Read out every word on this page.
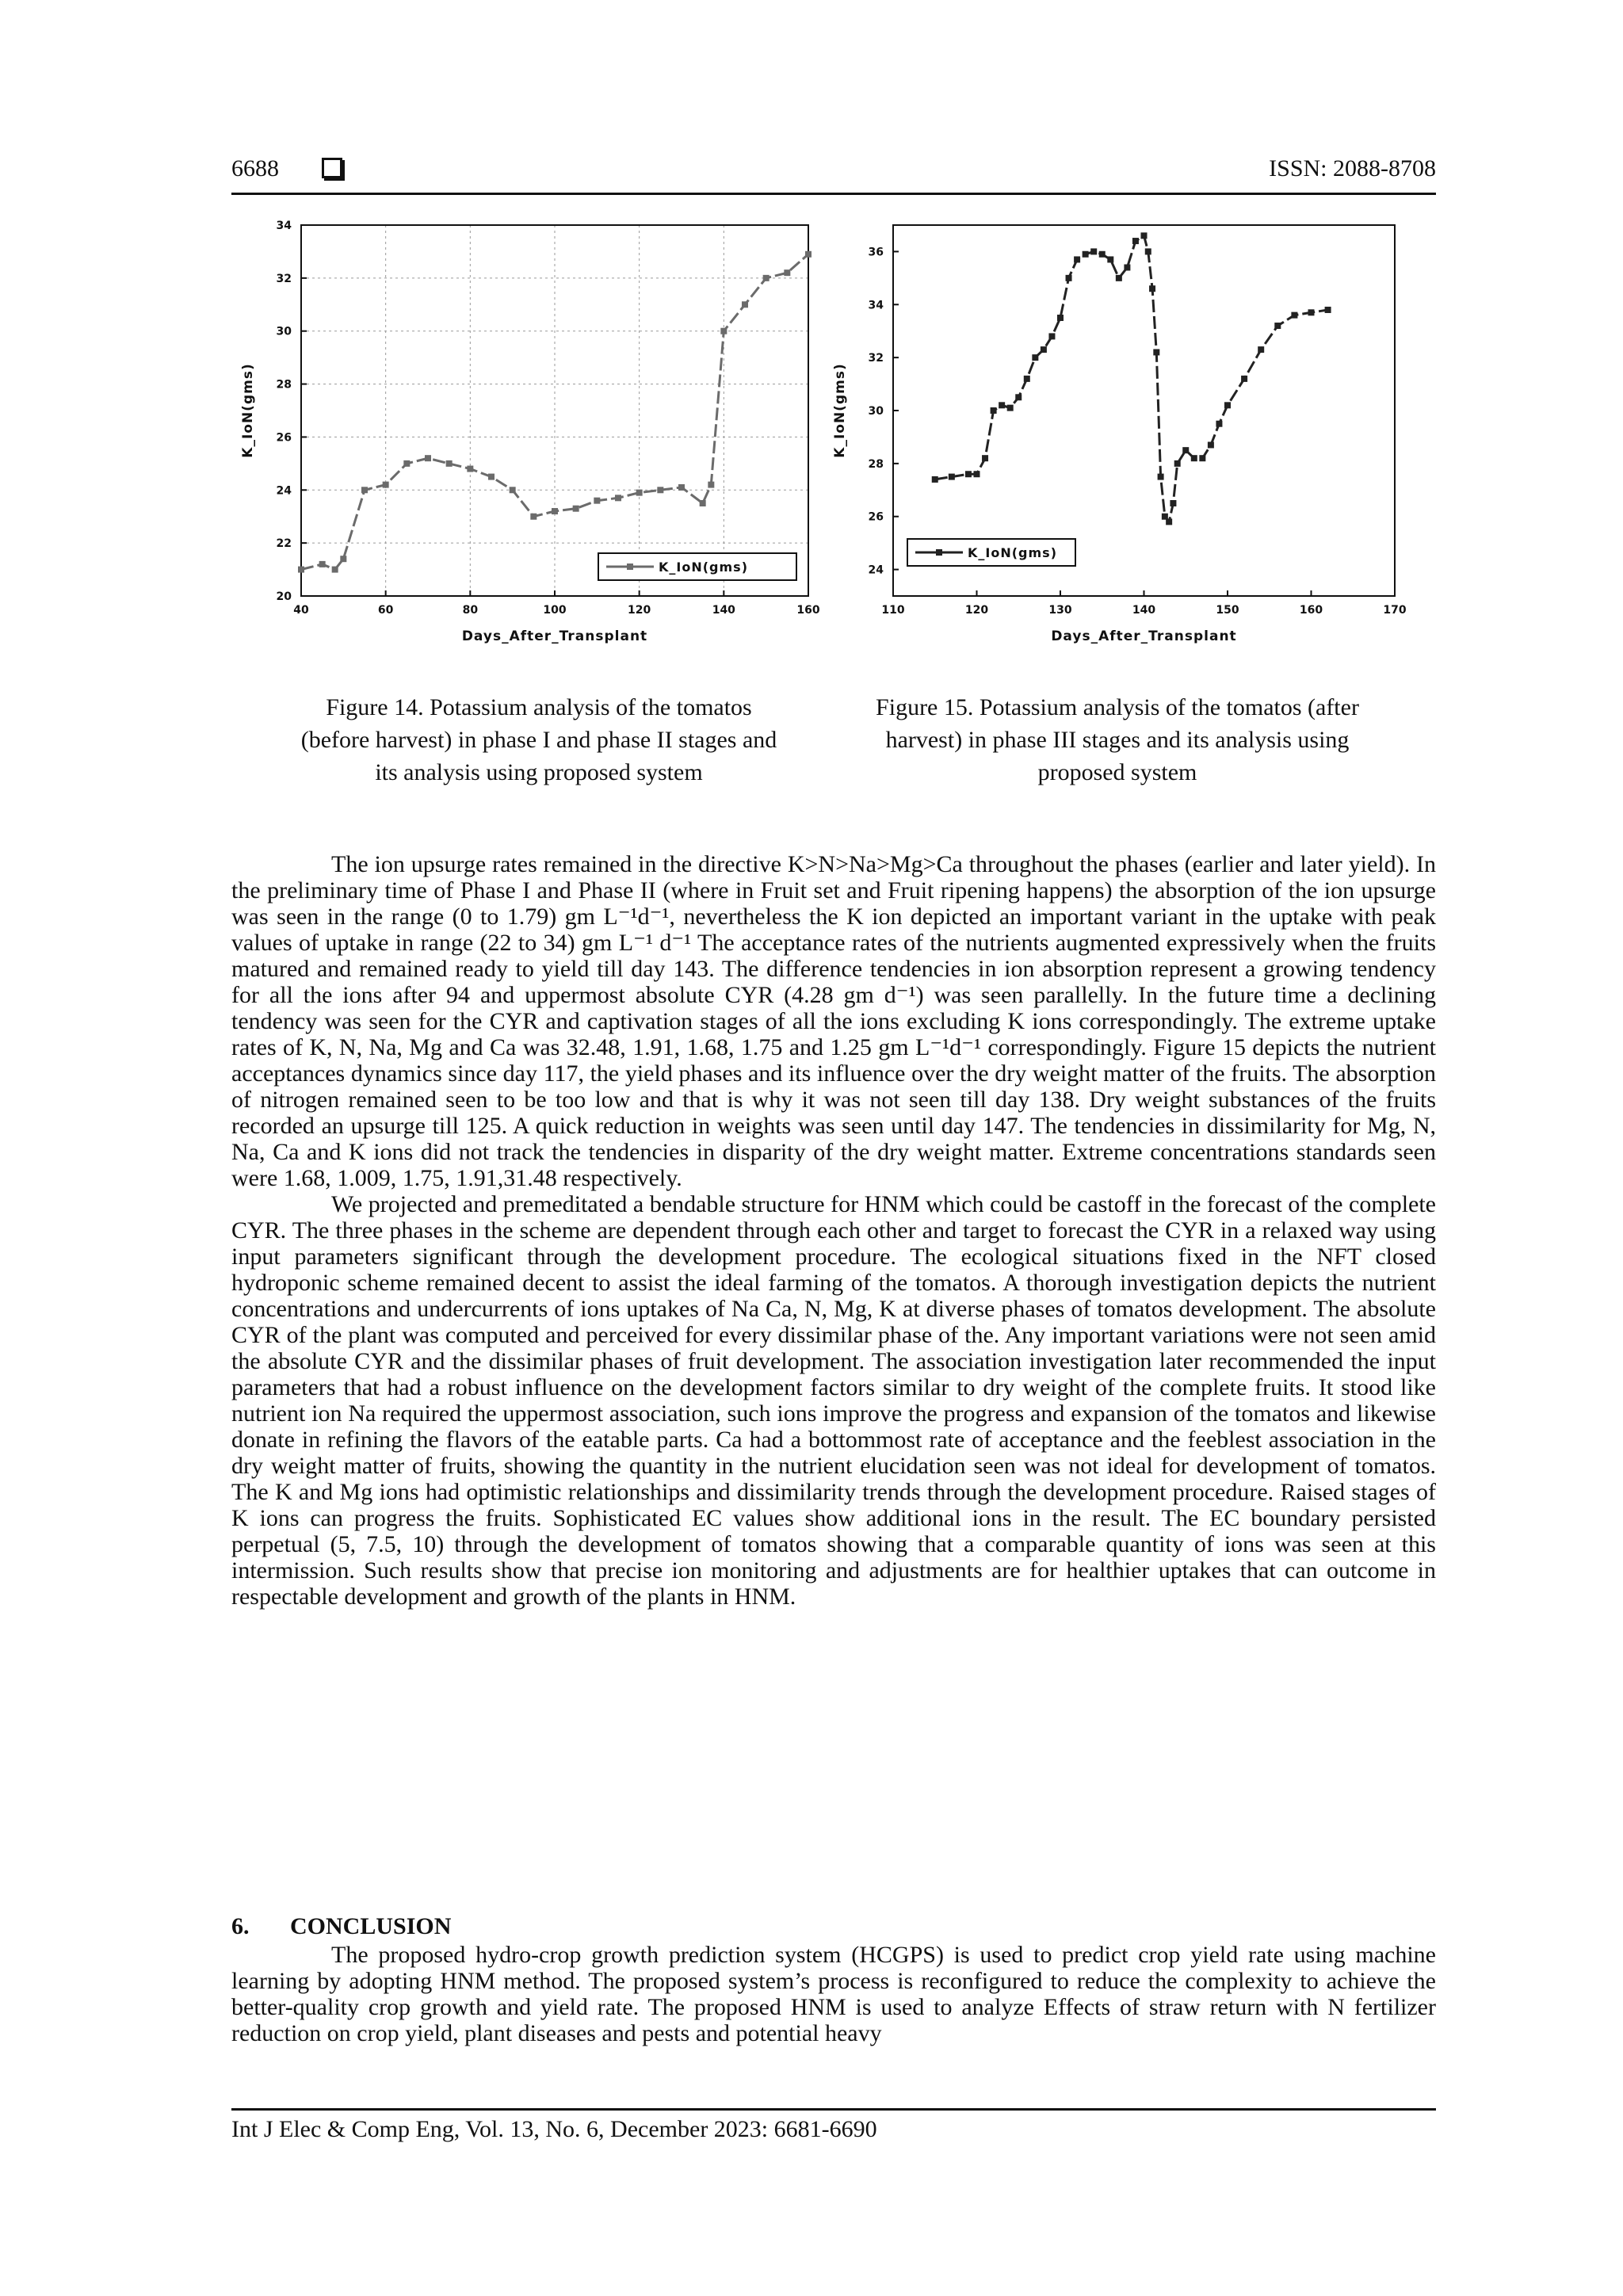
6688	ISSN: 2088-8708
40	60	80	100	120	140	160
20
22
24
26
28
30
32
34
Days_After_Transplant
K_IoN(gms)
K_IoN(gms)
Figure 14. Potassium analysis of the tomatos
(before harvest) in phase I and phase II stages and
its analysis using proposed system
110	120	130	140	150	160	170
24
26
28
30
32
34
36
Days_After_Transplant
K_IoN(gms)
K_IoN(gms)
Figure 15. Potassium analysis of the tomatos (after
harvest) in phase III stages and its analysis using
proposed system

The ion upsurge rates remained in the directive K>N>Na>Mg>Ca throughout the phases (earlier and later yield). In the preliminary time of Phase I and Phase II (where in Fruit set and Fruit ripening happens) the absorption of the ion upsurge was seen in the range (0 to 1.79) gm L⁻¹d⁻¹, nevertheless the K ion depicted an important variant in the uptake with peak values of uptake in range (22 to 34) gm L⁻¹ d⁻¹ The acceptance rates of the nutrients augmented expressively when the fruits matured and remained ready to yield till day 143. The difference tendencies in ion absorption represent a growing tendency for all the ions after 94 and uppermost absolute CYR (4.28 gm d⁻¹) was seen parallelly. In the future time a declining tendency was seen for the CYR and captivation stages of all the ions excluding K ions correspondingly. The extreme uptake rates of K, N, Na, Mg and Ca was 32.48, 1.91, 1.68, 1.75 and 1.25 gm L⁻¹d⁻¹ correspondingly. Figure 15 depicts the nutrient acceptances dynamics since day 117, the yield phases and its influence over the dry weight matter of the fruits. The absorption of nitrogen remained seen to be too low and that is why it was not seen till day 138. Dry weight substances of the fruits recorded an upsurge till 125. A quick reduction in weights was seen until day 147. The tendencies in dissimilarity for Mg, N, Na, Ca and K ions did not track the tendencies in disparity of the dry weight matter. Extreme concentrations standards seen were 1.68, 1.009, 1.75, 1.91,31.48 respectively.

We projected and premeditated a bendable structure for HNM which could be castoff in the forecast of the complete CYR. The three phases in the scheme are dependent through each other and target to forecast the CYR in a relaxed way using input parameters significant through the development procedure. The ecological situations fixed in the NFT closed hydroponic scheme remained decent to assist the ideal farming of the tomatos. A thorough investigation depicts the nutrient concentrations and undercurrents of ions uptakes of Na Ca, N, Mg, K at diverse phases of tomatos development. The absolute CYR of the plant was computed and perceived for every dissimilar phase of the. Any important variations were not seen amid the absolute CYR and the dissimilar phases of fruit development. The association investigation later recommended the input parameters that had a robust influence on the development factors similar to dry weight of the complete fruits. It stood like nutrient ion Na required the uppermost association, such ions improve the progress and expansion of the tomatos and likewise donate in refining the flavors of the eatable parts. Ca had a bottommost rate of acceptance and the feeblest association in the dry weight matter of fruits, showing the quantity in the nutrient elucidation seen was not ideal for development of tomatos. The K and Mg ions had optimistic relationships and dissimilarity trends through the development procedure. Raised stages of K ions can progress the fruits. Sophisticated EC values show additional ions in the result. The EC boundary persisted perpetual (5, 7.5, 10) through the development of tomatos showing that a comparable quantity of ions was seen at this intermission. Such results show that precise ion monitoring and adjustments are for healthier uptakes that can outcome in respectable development and growth of the plants in HNM.

6. CONCLUSION

The proposed hydro-crop growth prediction system (HCGPS) is used to predict crop yield rate using machine learning by adopting HNM method. The proposed system’s process is reconfigured to reduce the complexity to achieve the better-quality crop growth and yield rate. The proposed HNM is used to analyze Effects of straw return with N fertilizer reduction on crop yield, plant diseases and pests and potential heavy

Int J Elec & Comp Eng, Vol. 13, No. 6, December 2023: 6681-6690
